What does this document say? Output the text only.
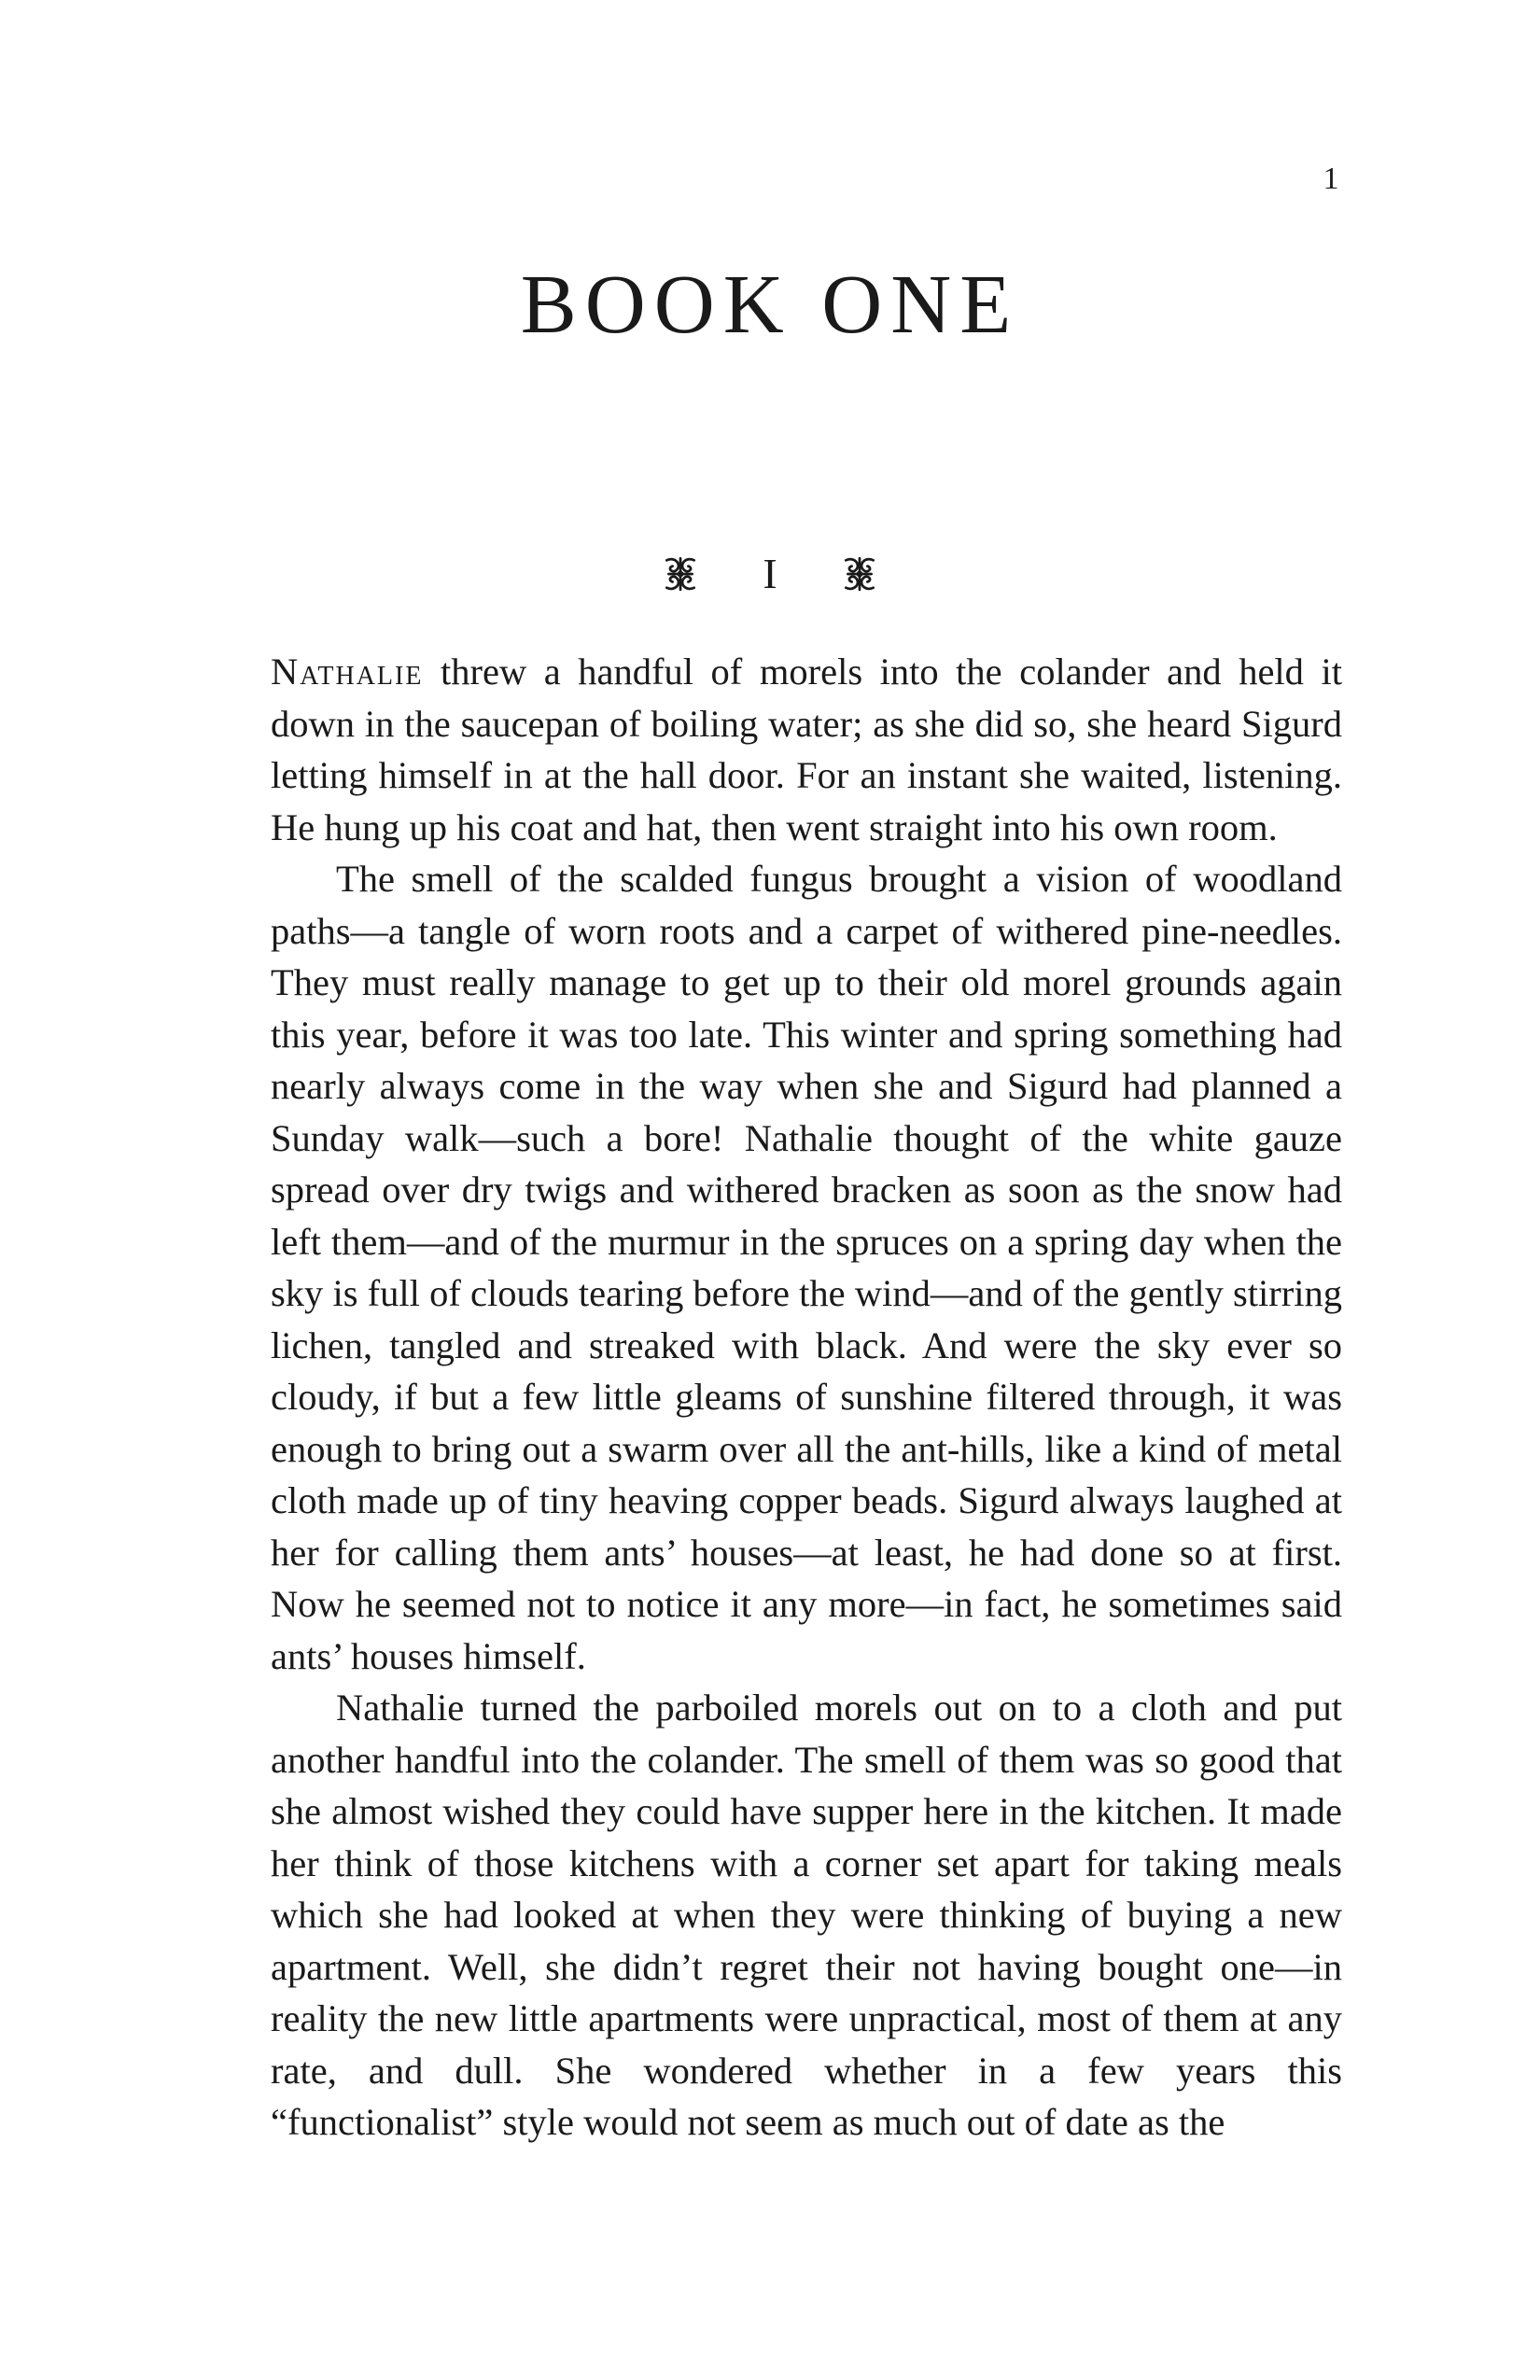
1
BOOK ONE
I

Nathalie threw a handful of morels into the colander and held it down in the saucepan of boiling water; as she did so, she heard Sigurd letting himself in at the hall door. For an instant she waited, listening. He hung up his coat and hat, then went straight into his own room.

The smell of the scalded fungus brought a vision of woodland paths—a tangle of worn roots and a carpet of withered pine-needles. They must really manage to get up to their old morel grounds again this year, before it was too late. This winter and spring something had nearly always come in the way when she and Sigurd had planned a Sunday walk—such a bore! Nathalie thought of the white gauze spread over dry twigs and withered bracken as soon as the snow had left them—and of the murmur in the spruces on a spring day when the sky is full of clouds tearing before the wind—and of the gently stirring lichen, tangled and streaked with black. And were the sky ever so cloudy, if but a few little gleams of sunshine filtered through, it was enough to bring out a swarm over all the ant-hills, like a kind of metal cloth made up of tiny heaving copper beads. Sigurd always laughed at her for calling them ants’ houses—at least, he had done so at first. Now he seemed not to notice it any more—in fact, he sometimes said ants’ houses himself.

Nathalie turned the parboiled morels out on to a cloth and put another handful into the colander. The smell of them was so good that she almost wished they could have supper here in the kitchen. It made her think of those kitchens with a corner set apart for taking meals which she had looked at when they were thinking of buying a new apartment. Well, she didn’t regret their not having bought one—in reality the new little apartments were unpractical, most of them at any rate, and dull. She wondered whether in a few years this “functionalist” style would not seem as much out of date as the
